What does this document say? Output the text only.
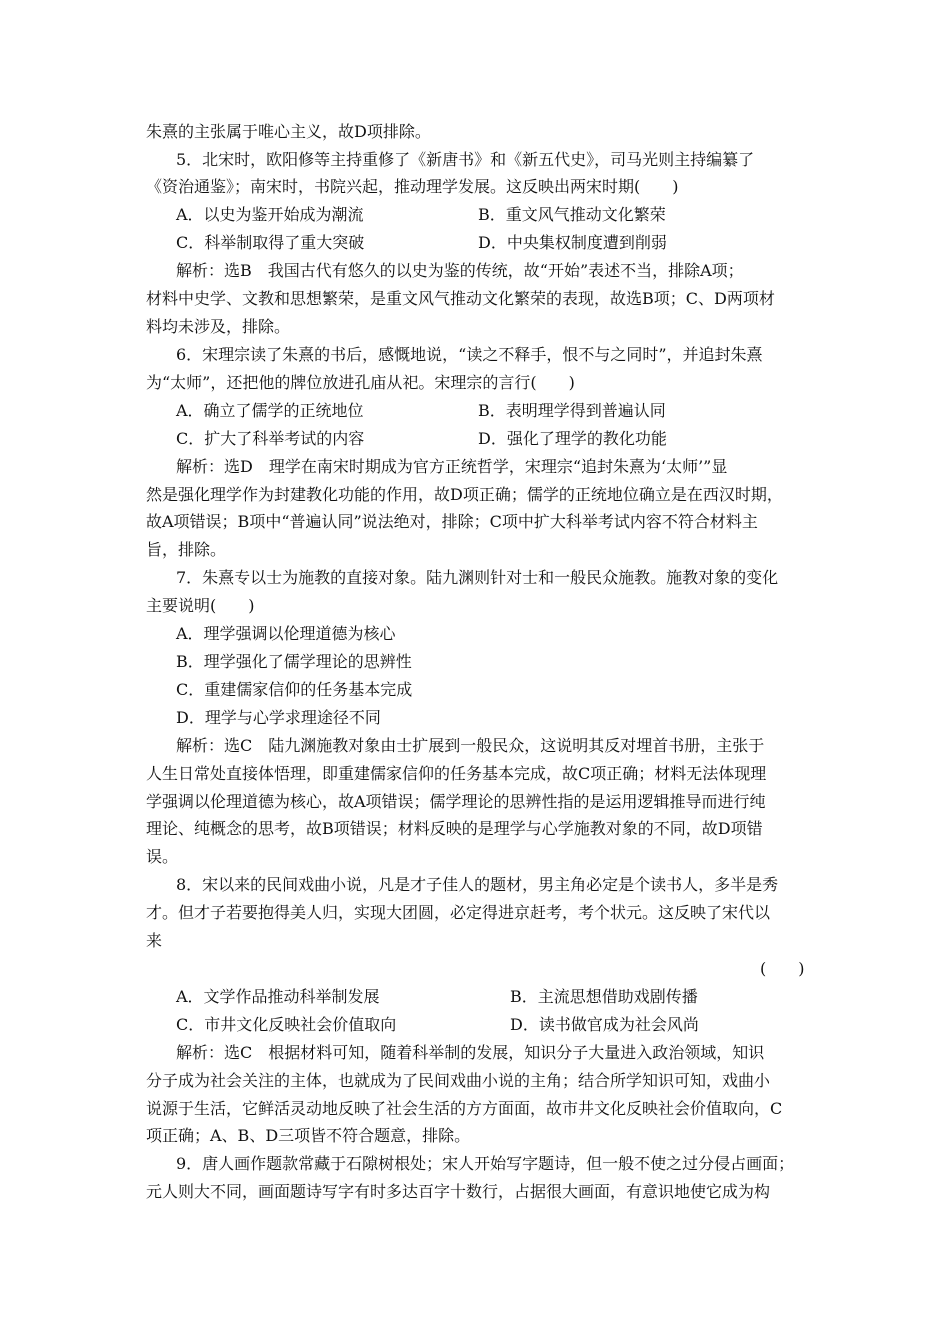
朱熹的主张属于唯心主义，故D项排除。
5．北宋时，欧阳修等主持重修了《新唐书》和《新五代史》，司马光则主持编纂了
《资治通鉴》；南宋时，书院兴起，推动理学发展。这反映出两宋时期(　　)
A．以史为鉴开始成为潮流	B．重文风气推动文化繁荣
C．科举制取得了重大突破	D．中央集权制度遭到削弱
解析：选B　我国古代有悠久的以史为鉴的传统，故“开始”表述不当，排除A项；
材料中史学、文教和思想繁荣，是重文风气推动文化繁荣的表现，故选B项；C、D两项材
料均未涉及，排除。
6．宋理宗读了朱熹的书后，感慨地说，“读之不释手，恨不与之同时”，并追封朱熹
为“太师”，还把他的牌位放进孔庙从祀。宋理宗的言行(　　)
A．确立了儒学的正统地位	B．表明理学得到普遍认同
C．扩大了科举考试的内容	D．强化了理学的教化功能
解析：选D　理学在南宋时期成为官方正统哲学，宋理宗“追封朱熹为‘太师’”显
然是强化理学作为封建教化功能的作用，故D项正确；儒学的正统地位确立是在西汉时期，
故A项错误；B项中“普遍认同”说法绝对，排除；C项中扩大科举考试内容不符合材料主
旨，排除。
7．朱熹专以士为施教的直接对象。陆九渊则针对士和一般民众施教。施教对象的变化
主要说明(　　)
A．理学强调以伦理道德为核心
B．理学强化了儒学理论的思辨性
C．重建儒家信仰的任务基本完成
D．理学与心学求理途径不同
解析：选C　陆九渊施教对象由士扩展到一般民众，这说明其反对埋首书册，主张于
人生日常处直接体悟理，即重建儒家信仰的任务基本完成，故C项正确；材料无法体现理
学强调以伦理道德为核心，故A项错误；儒学理论的思辨性指的是运用逻辑推导而进行纯
理论、纯概念的思考，故B项错误；材料反映的是理学与心学施教对象的不同，故D项错
误。
8．宋以来的民间戏曲小说，凡是才子佳人的题材，男主角必定是个读书人，多半是秀
才。但才子若要抱得美人归，实现大团圆，必定得进京赶考，考个状元。这反映了宋代以
来
(　　)
A．文学作品推动科举制发展	B．主流思想借助戏剧传播
C．市井文化反映社会价值取向	D．读书做官成为社会风尚
解析：选C　根据材料可知，随着科举制的发展，知识分子大量进入政治领域，知识
分子成为社会关注的主体，也就成为了民间戏曲小说的主角；结合所学知识可知，戏曲小
说源于生活，它鲜活灵动地反映了社会生活的方方面面，故市井文化反映社会价值取向，C
项正确；A、B、D三项皆不符合题意，排除。
9．唐人画作题款常藏于石隙树根处；宋人开始写字题诗，但一般不使之过分侵占画面；
元人则大不同，画面题诗写字有时多达百字十数行，占据很大画面，有意识地使它成为构
